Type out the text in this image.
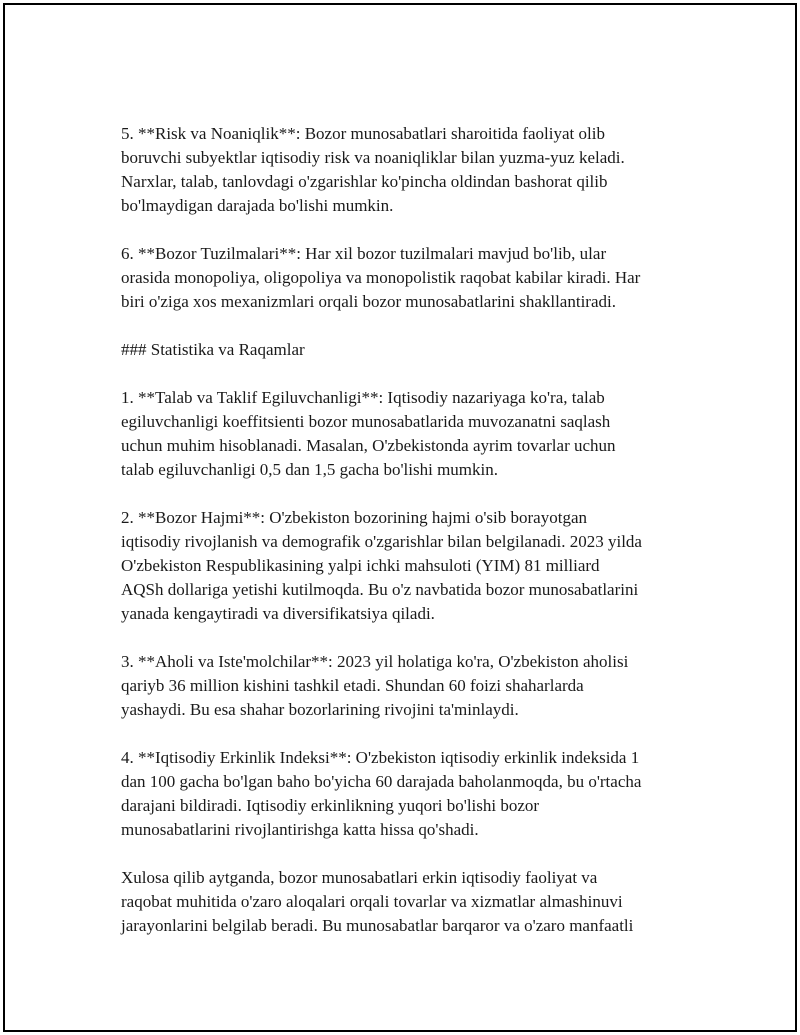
5. **Risk va Noaniqlik**: Bozor munosabatlari sharoitida faoliyat olib
boruvchi subyektlar iqtisodiy risk va noaniqliklar bilan yuzma-yuz keladi.
Narxlar, talab, tanlovdagi o'zgarishlar ko'pincha oldindan bashorat qilib
bo'lmaydigan darajada bo'lishi mumkin.

6. **Bozor Tuzilmalari**: Har xil bozor tuzilmalari mavjud bo'lib, ular
orasida monopoliya, oligopoliya va monopolistik raqobat kabilar kiradi. Har
biri o'ziga xos mexanizmlari orqali bozor munosabatlarini shakllantiradi.

### Statistika va Raqamlar

1. **Talab va Taklif Egiluvchanligi**: Iqtisodiy nazariyaga ko'ra, talab
egiluvchanligi koeffitsienti bozor munosabatlarida muvozanatni saqlash
uchun muhim hisoblanadi. Masalan, O'zbekistonda ayrim tovarlar uchun
talab egiluvchanligi 0,5 dan 1,5 gacha bo'lishi mumkin.

2. **Bozor Hajmi**: O'zbekiston bozorining hajmi o'sib borayotgan
iqtisodiy rivojlanish va demografik o'zgarishlar bilan belgilanadi. 2023 yilda
O'zbekiston Respublikasining yalpi ichki mahsuloti (YIM) 81 milliard
AQSh dollariga yetishi kutilmoqda. Bu o'z navbatida bozor munosabatlarini
yanada kengaytiradi va diversifikatsiya qiladi.

3. **Aholi va Iste'molchilar**: 2023 yil holatiga ko'ra, O'zbekiston aholisi
qariyb 36 million kishini tashkil etadi. Shundan 60 foizi shaharlarda
yashaydi. Bu esa shahar bozorlarining rivojini ta'minlaydi.

4. **Iqtisodiy Erkinlik Indeksi**: O'zbekiston iqtisodiy erkinlik indeksida 1
dan 100 gacha bo'lgan baho bo'yicha 60 darajada baholanmoqda, bu o'rtacha
darajani bildiradi. Iqtisodiy erkinlikning yuqori bo'lishi bozor
munosabatlarini rivojlantirishga katta hissa qo'shadi.

Xulosa qilib aytganda, bozor munosabatlari erkin iqtisodiy faoliyat va
raqobat muhitida o'zaro aloqalari orqali tovarlar va xizmatlar almashinuvi
jarayonlarini belgilab beradi. Bu munosabatlar barqaror va o'zaro manfaatli
